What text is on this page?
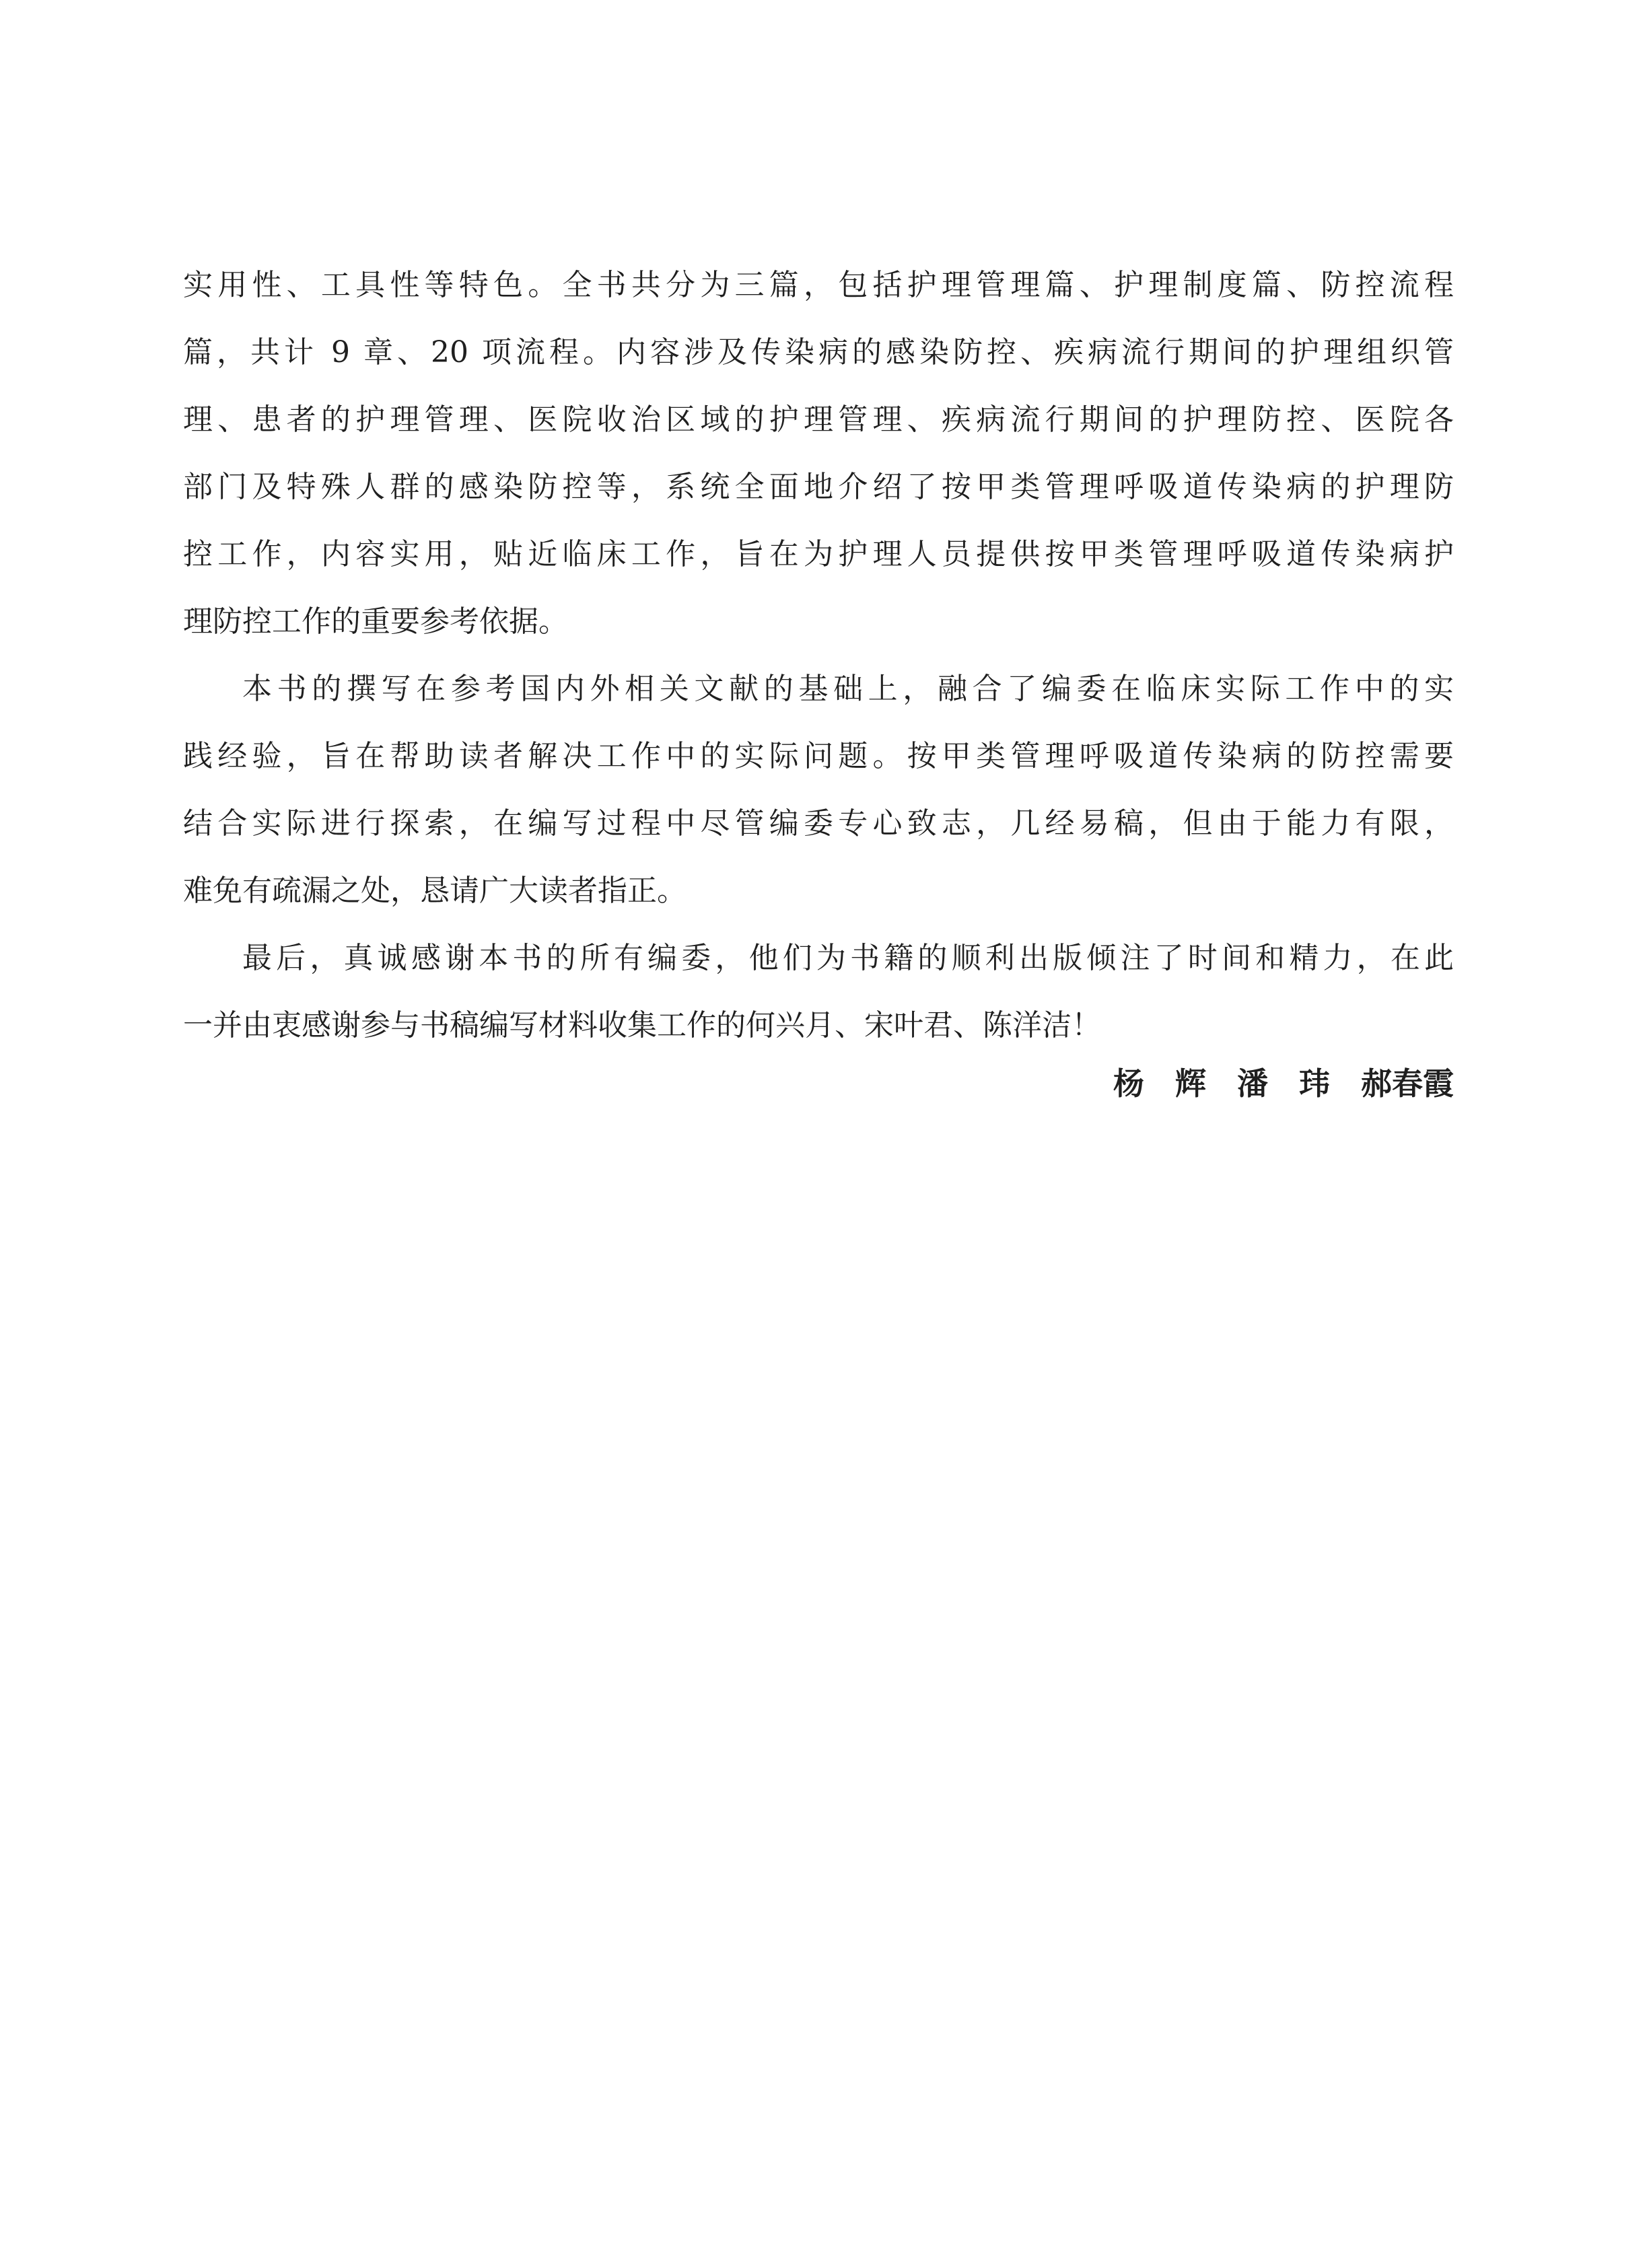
实用性、工具性等特色。全书共分为三篇，包括护理管理篇、护理制度篇、防控流程
篇，共计 9 章、20 项流程。内容涉及传染病的感染防控、疾病流行期间的护理组织管
理、患者的护理管理、医院收治区域的护理管理、疾病流行期间的护理防控、医院各
部门及特殊人群的感染防控等，系统全面地介绍了按甲类管理呼吸道传染病的护理防
控工作，内容实用，贴近临床工作，旨在为护理人员提供按甲类管理呼吸道传染病护
理防控工作的重要参考依据。
本书的撰写在参考国内外相关文献的基础上，融合了编委在临床实际工作中的实
践经验，旨在帮助读者解决工作中的实际问题。按甲类管理呼吸道传染病的防控需要
结合实际进行探索，在编写过程中尽管编委专心致志，几经易稿，但由于能力有限，
难免有疏漏之处，恳请广大读者指正。
最后，真诚感谢本书的所有编委，他们为书籍的顺利出版倾注了时间和精力，在此
一并由衷感谢参与书稿编写材料收集工作的何兴月、宋叶君、陈洋洁！
杨　辉　潘　玮　郝春霞
